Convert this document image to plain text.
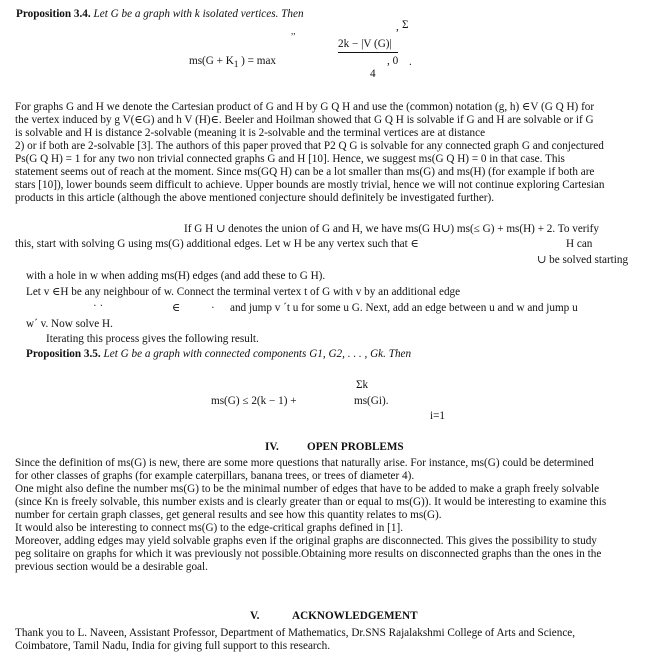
Proposition 3.4. Let G be a graph with k isolated vertices. Then
,,	, Σ
2k − |V (G)|
$ms(G + K_1$ ) = max	, 0 .
4

For graphs G and H we denote the Cartesian product of G and H by G Q H and use the (common) notation (g, h) ∈V (G Q H) for

the vertex induced by g V(∈G) and h V (H)∈. Beeler and Hoilman showed that G Q H is solvable if G and H are solvable or if G

is solvable and H is distance 2-solvable (meaning it is 2-solvable and the terminal vertices are at distance

2) or if both are 2-solvable [3]. The authors of this paper proved that P2 Q G is solvable for any connected graph G and conjectured

Ps(G Q H) = 1 for any two non trivial connected graphs G and H [10]. Hence, we suggest ms(G Q H) = 0 in that case. This

statement seems out of reach at the moment. Since ms(GQ H) can be a lot smaller than ms(G) and ms(H) (for example if both are

stars [10]), lower bounds seem difficult to achieve. Upper bounds are mostly trivial, hence we will not continue exploring Cartesian

products in this article (although the above mentioned conjecture should definitely be investigated further).

If G H ∪ denotes the union of G and H, we have ms(G H∪) ms(≤ G) + ms(H) + 2. To verify
this, start with solving G using ms(G) additional edges. Let w H be any vertex such that ∈	H can
∪ be solved starting
with a hole in w when adding ms(H) edges (and add these to G H).
Let v ∈H be any neighbour of w. Connect the terminal vertex t of G with v by an additional edge
· ·	∈	· and jump v ´t u for some u G. Next, add an edge between u and w and jump u
w´ v. Now solve H.
Iterating this process gives the following result.
Proposition 3.5. Let G be a graph with connected components G1, G2, . . . , Gk. Then
Σk
ms(G) ≤ 2(k − 1) +	ms(Gi).
i=1
IV.	OPEN PROBLEMS

Since the definition of ms(G) is new, there are some more questions that naturally arise. For instance, ms(G) could be determined

for other classes of graphs (for example caterpillars, banana trees, or trees of diameter 4).

One might also define the number ms(G) to be the minimal number of edges that have to be added to make a graph freely solvable

(since Kn is freely solvable, this number exists and is clearly greater than or equal to ms(G)). It would be interesting to examine this

number for certain graph classes, get general results and see how this quantity relates to ms(G).

It would also be interesting to connect ms(G) to the edge-critical graphs defined in [1].

Moreover, adding edges may yield solvable graphs even if the original graphs are disconnected. This gives the possibility to study

peg solitaire on graphs for which it was previously not possible.Obtaining more results on disconnected graphs than the ones in the

previous section would be a desirable goal.

V.	ACKNOWLEDGEMENT

Thank you to L. Naveen, Assistant Professor, Department of Mathematics, Dr.SNS Rajalakshmi College of Arts and Science,

Coimbatore, Tamil Nadu, India for giving full support to this research.
